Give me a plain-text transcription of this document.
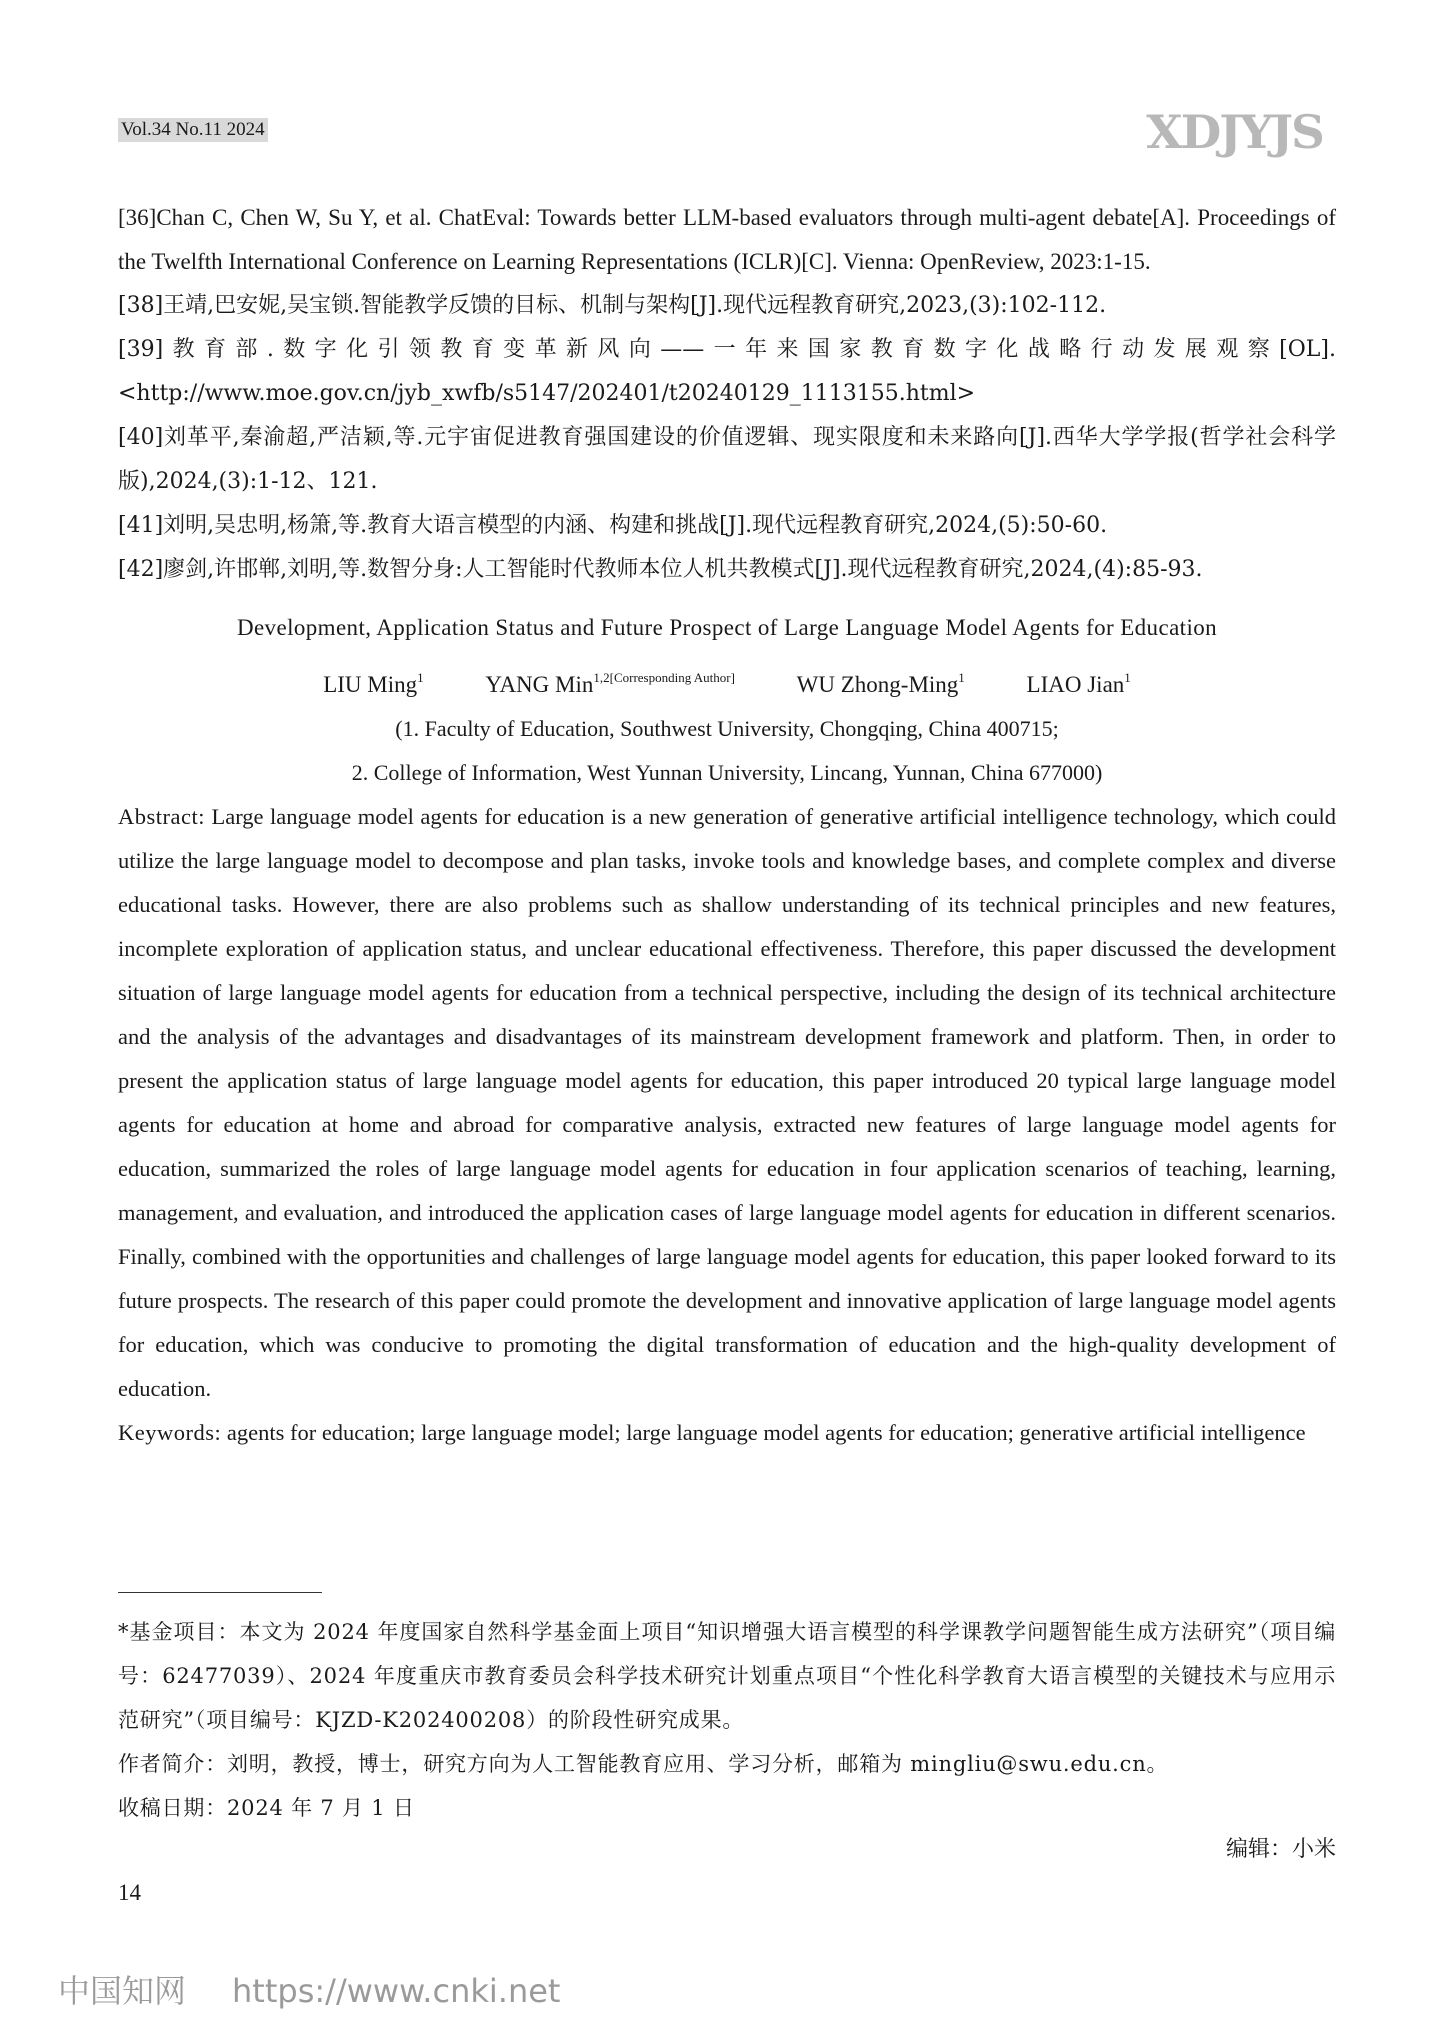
Vol.34 No.11 2024	XDJYJS

[36]Chan C, Chen W, Su Y, et al. ChatEval: Towards better LLM-based evaluators through multi-agent debate[A]. Proceedings of the Twelfth International Conference on Learning Representations (ICLR)[C]. Vienna: OpenReview, 2023:1-15.

[38]王靖,巴安妮,吴宝锁.智能教学反馈的目标、机制与架构[J].现代远程教育研究,2023,(3):102-112.

[39]教育部.数字化引领教育变革新风向——一年来国家教育数字化战略行动发展观察[OL]. <http://www.moe.gov.cn/jyb_xwfb/s5147/202401/t20240129_1113155.html>

[40]刘革平,秦渝超,严洁颖,等.元宇宙促进教育强国建设的价值逻辑、现实限度和未来路向[J].西华大学学报(哲学社会科学版),2024,(3):1-12、121.

[41]刘明,吴忠明,杨箫,等.教育大语言模型的内涵、构建和挑战[J].现代远程教育研究,2024,(5):50-60.

[42]廖剑,许邯郸,刘明,等.数智分身:人工智能时代教师本位人机共教模式[J].现代远程教育研究,2024,(4):85-93.

Development, Application Status and Future Prospect of Large Language Model Agents for Education

LIU Ming$^1$	YANG Min$^{1,2[Corresponding Author]}$	WU Zhong-Ming$^1$	LIAO Jian$^1$

(1. Faculty of Education, Southwest University, Chongqing, China 400715;

2. College of Information, West Yunnan University, Lincang, Yunnan, China 677000)

Abstract: Large language model agents for education is a new generation of generative artificial intelligence technology, which could utilize the large language model to decompose and plan tasks, invoke tools and knowledge bases, and complete complex and diverse educational tasks. However, there are also problems such as shallow understanding of its technical principles and new features, incomplete exploration of application status, and unclear educational effectiveness. Therefore, this paper discussed the development situation of large language model agents for education from a technical perspective, including the design of its technical architecture and the analysis of the advantages and disadvantages of its mainstream development framework and platform. Then, in order to present the application status of large language model agents for education, this paper introduced 20 typical large language model agents for education at home and abroad for comparative analysis, extracted new features of large language model agents for education, summarized the roles of large language model agents for education in four application scenarios of teaching, learning, management, and evaluation, and introduced the application cases of large language model agents for education in different scenarios. Finally, combined with the opportunities and challenges of large language model agents for education, this paper looked forward to its future prospects. The research of this paper could promote the development and innovative application of large language model agents for education, which was conducive to promoting the digital transformation of education and the high-quality development of education.

Keywords: agents for education; large language model; large language model agents for education; generative artificial intelligence

*基金项目：本文为 2024 年度国家自然科学基金面上项目“知识增强大语言模型的科学课教学问题智能生成方法研究”（项目编号：62477039）、2024 年度重庆市教育委员会科学技术研究计划重点项目“个性化科学教育大语言模型的关键技术与应用示范研究”（项目编号：KJZD-K202400208）的阶段性研究成果。

作者简介：刘明，教授，博士，研究方向为人工智能教育应用、学习分析，邮箱为 mingliu@swu.edu.cn。

收稿日期：2024 年 7 月 1 日

编辑：小米
14
中国知网 https://www.cnki.net
